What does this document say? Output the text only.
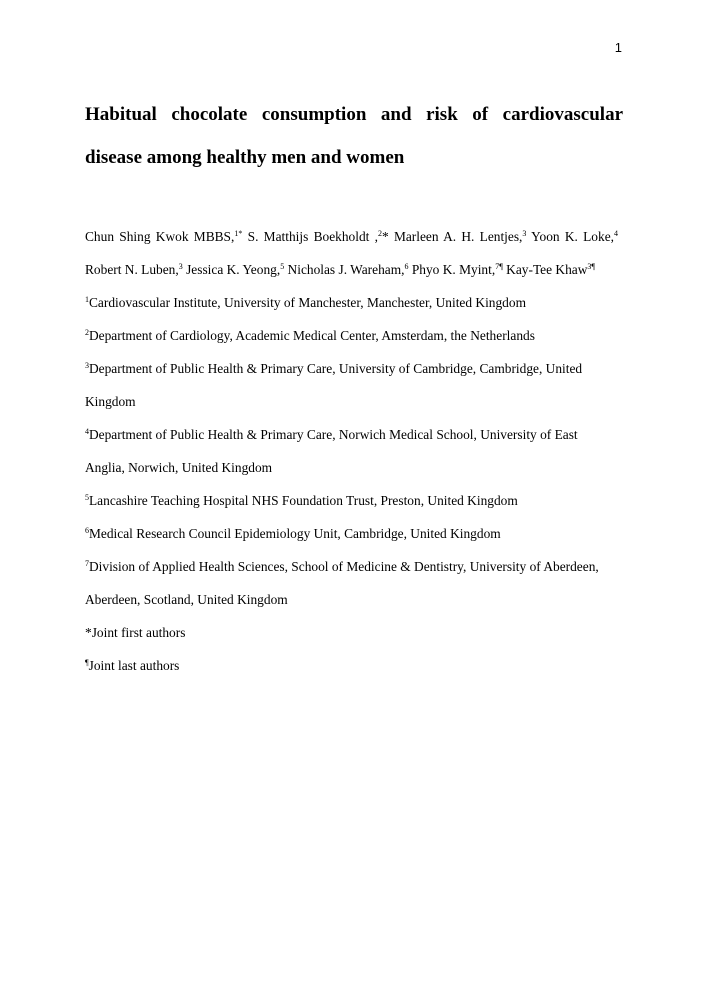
1
Habitual chocolate consumption and risk of cardiovascular disease among healthy men and women

Chun Shing Kwok MBBS,$^{1*}$ S. Matthijs Boekholdt ,$^2$* Marleen A. H. Lentjes,$^3$ Yoon K. Loke,$^4$ Robert N. Luben,$^3$ Jessica K. Yeong,$^5$ Nicholas J. Wareham,$^6$ Phyo K. Myint,$^{7\P}$ Kay-Tee Khaw$^{3\P}$

$^1$Cardiovascular Institute, University of Manchester, Manchester, United Kingdom

$^2$Department of Cardiology, Academic Medical Center, Amsterdam, the Netherlands

$^3$Department of Public Health & Primary Care, University of Cambridge, Cambridge, United Kingdom

$^4$Department of Public Health & Primary Care, Norwich Medical School, University of East Anglia, Norwich, United Kingdom

$^5$Lancashire Teaching Hospital NHS Foundation Trust, Preston, United Kingdom

$^6$Medical Research Council Epidemiology Unit, Cambridge, United Kingdom

$^7$Division of Applied Health Sciences, School of Medicine & Dentistry, University of Aberdeen, Aberdeen, Scotland, United Kingdom

*Joint first authors

¶Joint last authors
